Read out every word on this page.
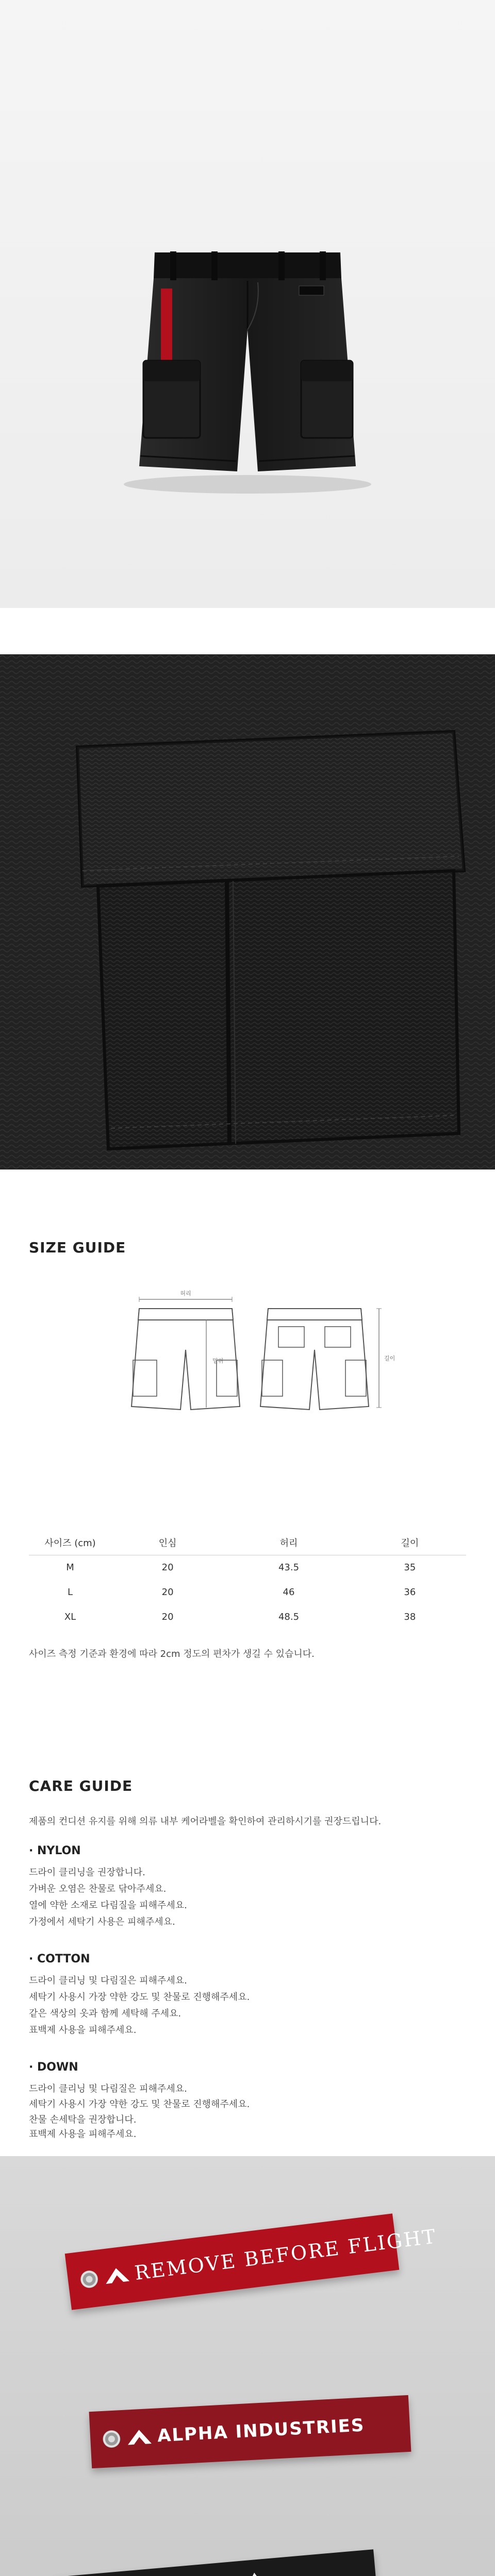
SIZE GUIDE
허리
밑위	길이
사이즈 (cm)	인심	허리	길이
M	20	43.5	35
L	20	46	36
XL	20	48.5	38
사이즈 측정 기준과 환경에 따라 2cm 정도의 편차가 생길 수 있습니다.
CARE GUIDE
제품의 컨디션 유지를 위해 의류 내부 케어라벨을 확인하여 관리하시기를 권장드립니다.
· NYLON
드라이 클리닝을 권장합니다.
가벼운 오염은 찬물로 닦아주세요.
열에 약한 소재로 다림질을 피해주세요.
가정에서 세탁기 사용은 피해주세요.
· COTTON
드라이 클리닝 및 다림질은 피해주세요.
세탁기 사용시 가장 약한 강도 및 찬물로 진행해주세요.
같은 색상의 옷과 함께 세탁해 주세요.
표백제 사용을 피해주세요.
· DOWN
드라이 클리닝 및 다림질은 피해주세요.
세탁기 사용시 가장 약한 강도 및 찬물로 진행해주세요.
찬물 손세탁을 권장합니다.
표백제 사용을 피해주세요.
REMOVE BEFORE FLIGHT
ALPHA INDUSTRIES
